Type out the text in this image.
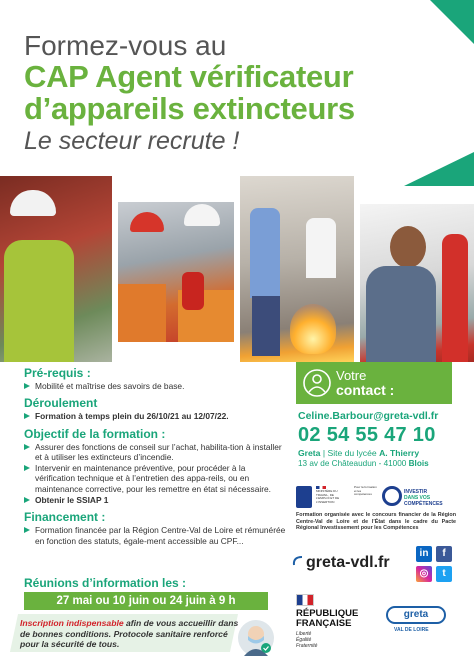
Formez-vous au
CAP Agent vérificateur
d’appareils extincteurs
Le secteur recrute !
Pré-requis :
Mobilité et maîtrise des savoirs de base.
Déroulement
Formation à temps plein du 26/10/21 au 12/07/22.
Objectif de la formation :
Assurer des fonctions de conseil sur l’achat, habilita-tion à installer et à utiliser les extincteurs d’incendie.
Intervenir en maintenance préventive, pour procéder à la vérification technique et à l’entretien des appa-reils, ou en maintenance corrective, pour les remettre en état si nécessaire.
Obtenir le SSIAP 1
Financement :
Formation financée par la Région Centre-Val de Loire et rémunérée en fonction des statuts, égale-ment accessible au CPF...
Réunions d’information les :
27 mai ou 10 juin ou 24 juin à 9 h
Inscription indispensable afin de vous accueillir dans de bonnes conditions. Protocole sanitaire renforcé pour la sécurité de tous.
Votre
contact :
Celine.Barbour@greta-vdl.fr
02 54 55 47 10
Greta | Site du lycée A. Thierry
13 av de Châteaudun - 41000 Blois
MINISTÈRE DU TRAVAIL, DE L’EMPLOI ET DE L’INSERTION
Pour la formation et les compétences	INVESTIR
DANS VOS
COMPÉTENCES
Formation organisée avec le concours financier de la Région Centre-Val de Loire et de l’État dans le cadre du Pacte Régional Investissement pour les Compétences
greta-vdl.fr
in	f
◎	t
RÉPUBLIQUE
FRANÇAISE
Liberté
Égalité
Fraternité
greta
VAL DE LOIRE
